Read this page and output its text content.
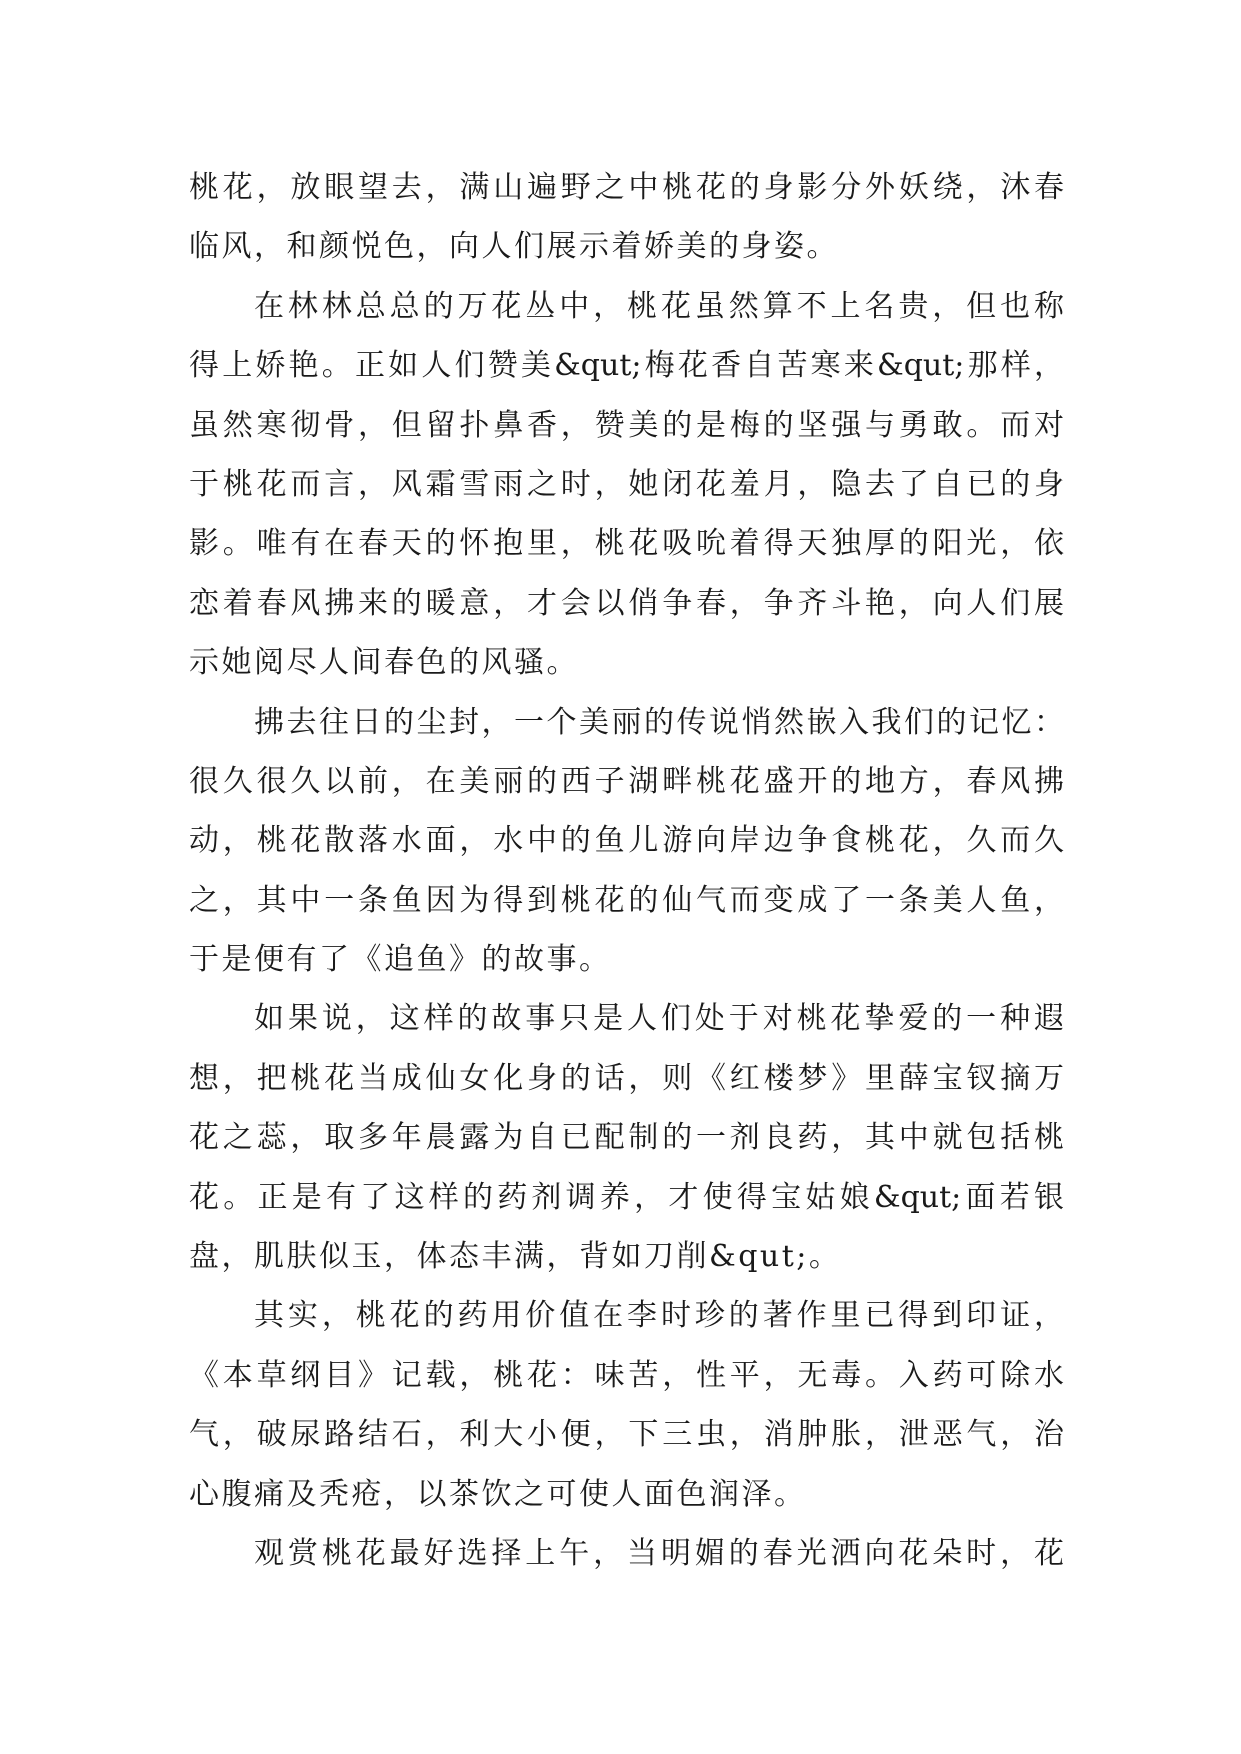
桃花，放眼望去，满山遍野之中桃花的身影分外妖绕，沐春
临风，和颜悦色，向人们展示着娇美的身姿。
在林林总总的万花丛中，桃花虽然算不上名贵，但也称
得上娇艳。正如人们赞美&qut;梅花香自苦寒来&qut;那样，
虽然寒彻骨，但留扑鼻香，赞美的是梅的坚强与勇敢。而对
于桃花而言，风霜雪雨之时，她闭花羞月，隐去了自已的身
影。唯有在春天的怀抱里，桃花吸吮着得天独厚的阳光，依
恋着春风拂来的暖意，才会以俏争春，争齐斗艳，向人们展
示她阅尽人间春色的风骚。
拂去往日的尘封，一个美丽的传说悄然嵌入我们的记忆：
很久很久以前，在美丽的西子湖畔桃花盛开的地方，春风拂
动，桃花散落水面，水中的鱼儿游向岸边争食桃花，久而久
之，其中一条鱼因为得到桃花的仙气而变成了一条美人鱼，
于是便有了《追鱼》的故事。
如果说，这样的故事只是人们处于对桃花挚爱的一种遐
想，把桃花当成仙女化身的话，则《红楼梦》里薛宝钗摘万
花之蕊，取多年晨露为自已配制的一剂良药，其中就包括桃
花。正是有了这样的药剂调养，才使得宝姑娘&qut;面若银
盘，肌肤似玉，体态丰满，背如刀削&qut;。
其实，桃花的药用价值在李时珍的著作里已得到印证，
《本草纲目》记载，桃花：味苦，性平，无毒。入药可除水
气，破尿路结石，利大小便，下三虫，消肿胀，泄恶气，治
心腹痛及秃疮，以茶饮之可使人面色润泽。
观赏桃花最好选择上午，当明媚的春光洒向花朵时，花
